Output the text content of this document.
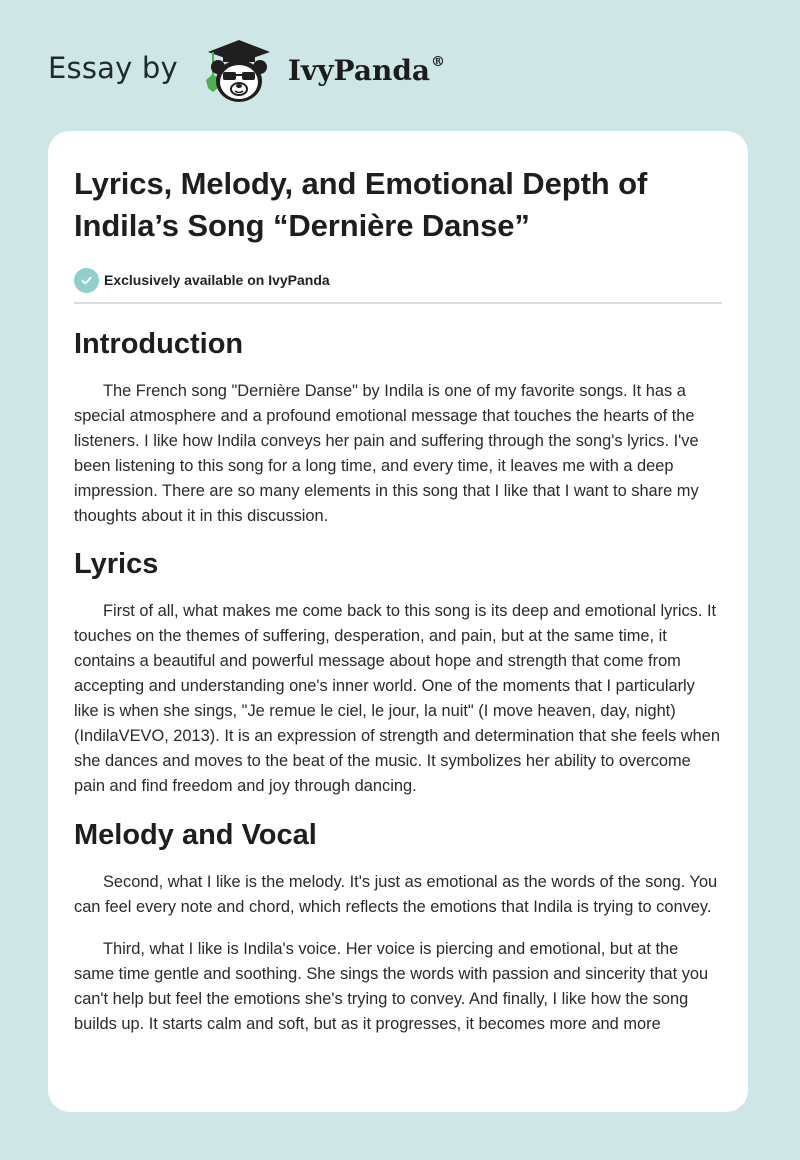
Essay by	IvyPanda®
Lyrics, Melody, and Emotional Depth of Indila’s Song “Dernière Danse”
Exclusively available on IvyPanda
Introduction

The French song "Dernière Danse" by Indila is one of my favorite songs. It has a special atmosphere and a profound emotional message that touches the hearts of the listeners. I like how Indila conveys her pain and suffering through the song's lyrics. I've been listening to this song for a long time, and every time, it leaves me with a deep impression. There are so many elements in this song that I like that I want to share my thoughts about it in this discussion.

Lyrics

First of all, what makes me come back to this song is its deep and emotional lyrics. It touches on the themes of suffering, desperation, and pain, but at the same time, it contains a beautiful and powerful message about hope and strength that come from accepting and understanding one's inner world. One of the moments that I particularly like is when she sings, "Je remue le ciel, le jour, la nuit" (I move heaven, day, night) (IndilaVEVO, 2013). It is an expression of strength and determination that she feels when she dances and moves to the beat of the music. It symbolizes her ability to overcome pain and find freedom and joy through dancing.

Melody and Vocal

Second, what I like is the melody. It's just as emotional as the words of the song. You can feel every note and chord, which reflects the emotions that Indila is trying to convey.

Third, what I like is Indila's voice. Her voice is piercing and emotional, but at the same time gentle and soothing. She sings the words with passion and sincerity that you can't help but feel the emotions she's trying to convey. And finally, I like how the song builds up. It starts calm and soft, but as it progresses, it becomes more and more
